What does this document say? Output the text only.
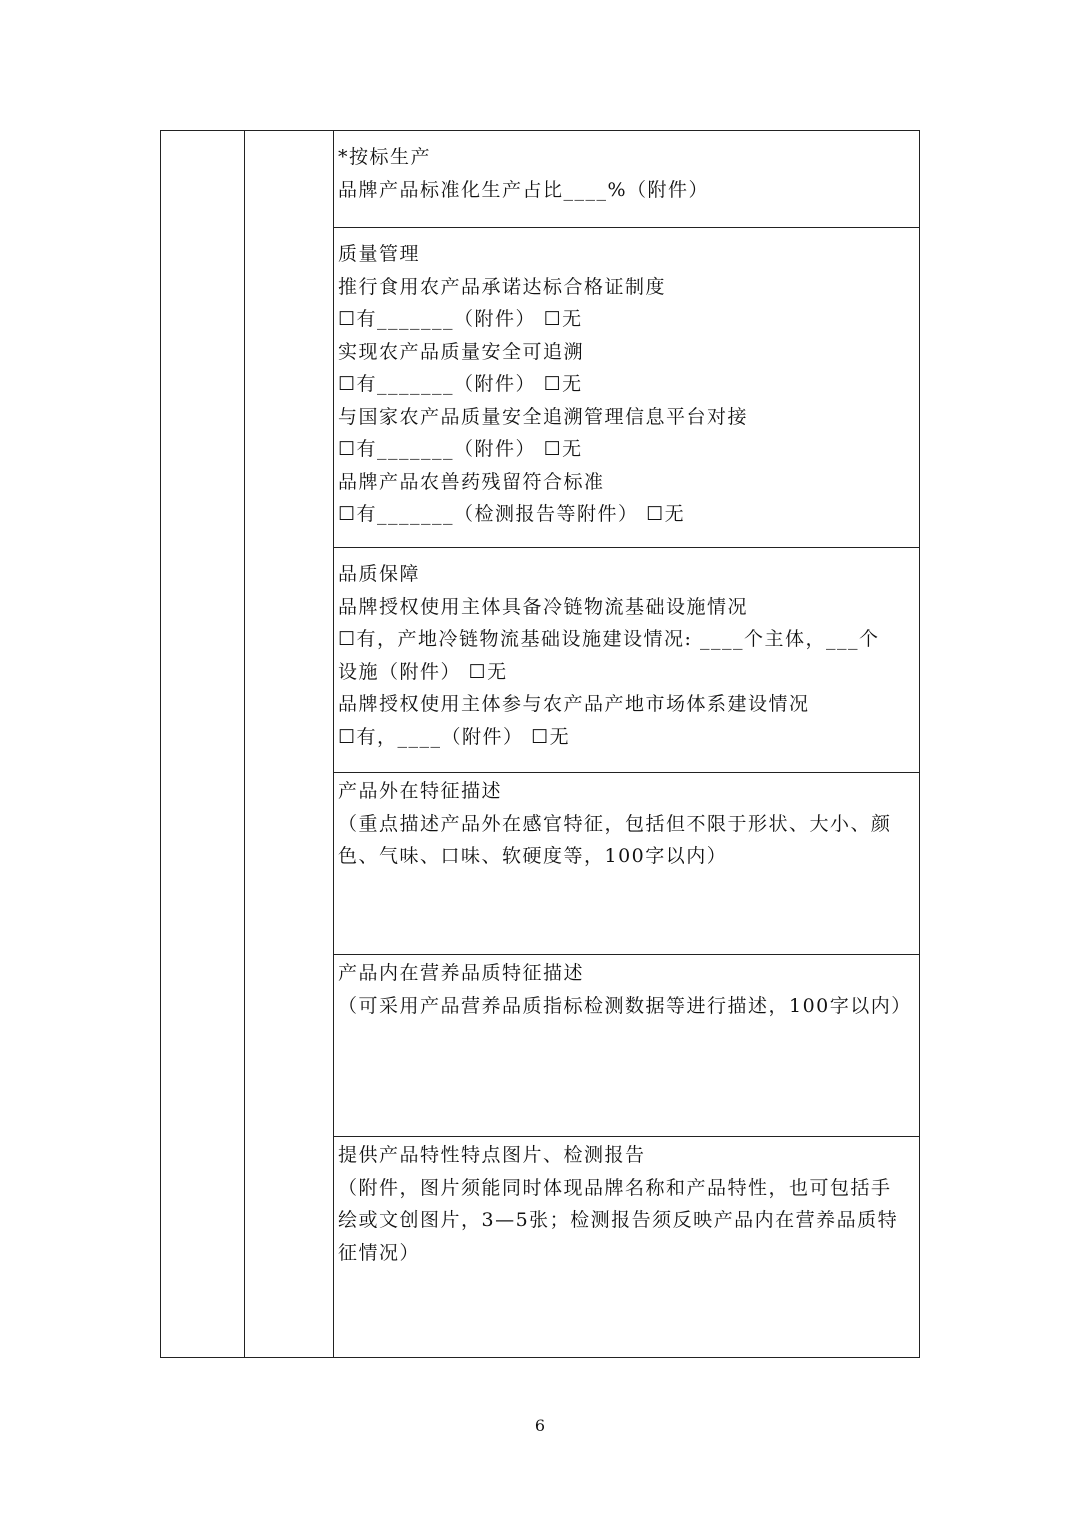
*按标生产
品牌产品标准化生产占比____%（附件）
质量管理
推行食用农产品承诺达标合格证制度
☐有_______（附件） ☐无
实现农产品质量安全可追溯
☐有_______（附件） ☐无
与国家农产品质量安全追溯管理信息平台对接
☐有_______（附件） ☐无
品牌产品农兽药残留符合标准
☐有_______（检测报告等附件） ☐无
品质保障
品牌授权使用主体具备冷链物流基础设施情况
☐有，产地冷链物流基础设施建设情况: ____个主体，___个
设施（附件） ☐无
品牌授权使用主体参与农产品产地市场体系建设情况
☐有，____（附件） ☐无
产品外在特征描述
（重点描述产品外在感官特征，包括但不限于形状、大小、颜
色、气味、口味、软硬度等，100字以内）
产品内在营养品质特征描述
（可采用产品营养品质指标检测数据等进行描述，100字以内）
提供产品特性特点图片、检测报告
（附件，图片须能同时体现品牌名称和产品特性，也可包括手
绘或文创图片，3—5张；检测报告须反映产品内在营养品质特
征情况）
6
